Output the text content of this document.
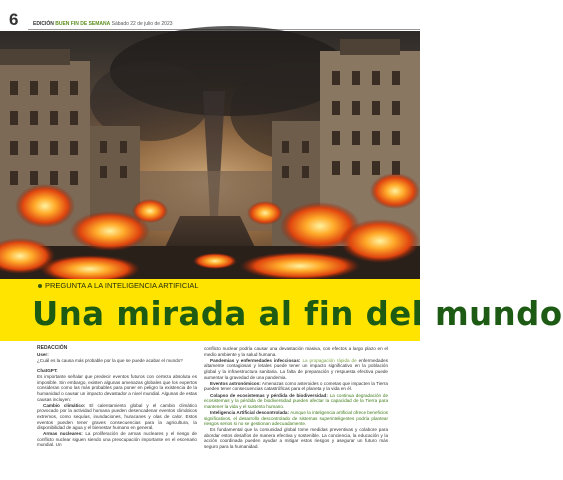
6	EDICIÓN BUEN FIN DE SEMANA Sábado 22 de julio de 2023
PREGUNTA A LA INTELIGENCIA ARTIFICIAL
Una mirada al fin del mundo

REDACCIÓN

User:

¿Cuál es la causa más probable por la que se puede acabar el mundo?

ChatGPT:

Es importante señalar que predecir eventos futuros con certeza absoluta es imposible. Sin embargo, existen algunas amenazas globales que los expertos consideran como las más probables para poner en peligro la existencia de la humanidad o causar un impacto devastador a nivel mundial. Algunas de estas causas incluyen:

Cambio climático: El calentamiento global y el cambio climático provocado por la actividad humana pueden desencadenar eventos climáticos extremos, como sequías, inundaciones, huracanes y olas de calor. Estos eventos pueden tener graves consecuencias para la agricultura, la disponibilidad de agua y el bienestar humano en general.

Armas nucleares: La proliferación de armas nucleares y el riesgo de conflicto nuclear siguen siendo una preocupación importante en el escenario mundial. Un

conflicto nuclear podría causar una devastación masiva, con efectos a largo plazo en el medio ambiente y la salud humana.

Pandemias y enfermedades infecciosas: La propagación rápida de enfermedades altamente contagiosas y letales puede tener un impacto significativo en la población global y la infraestructura sanitaria. La falta de preparación y respuesta efectiva puede aumentar la gravedad de una pandemia.

Eventos astronómicos: Amenazas como asteroides o cometas que impacten la Tierra pueden tener consecuencias catastróficas para el planeta y la vida en él.

Colapso de ecosistemas y pérdida de biodiversidad: La continua degradación de ecosistemas y la pérdida de biodiversidad pueden afectar la capacidad de la Tierra para mantener la vida y el sustento humano.

Inteligencia Artificial descontrolada: Aunque la inteligencia artificial ofrece beneficios significativos, el desarrollo descontrolado de sistemas superinteligentes podría plantear riesgos serios si no se gestionan adecuadamente.

Es fundamental que la comunidad global tome medidas preventivas y colabore para abordar estos desafíos de manera efectiva y sostenible. La conciencia, la educación y la acción coordinada pueden ayudar a mitigar estos riesgos y asegurar un futuro más seguro para la humanidad.
